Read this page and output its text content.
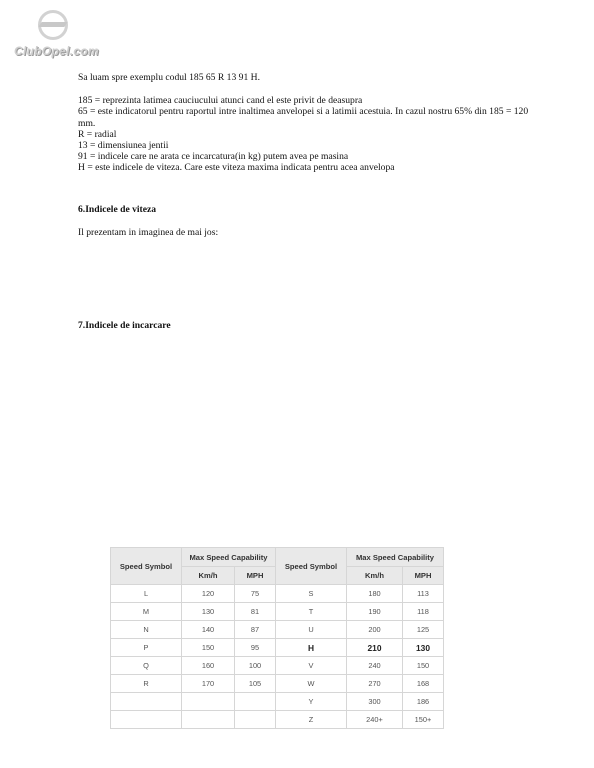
ClubOpel.com

Sa luam spre exemplu codul 185 65 R 13 91 H.

185 = reprezinta latimea cauciucului atunci cand el este privit de deasupra

65 = este indicatorul pentru raportul intre inaltimea anvelopei si a latimii acestuia. In cazul nostru 65% din 185 = 120 mm.

R = radial

13 = dimensiunea jentii

91 = indicele care ne arata ce incarcatura(in kg) putem avea pe masina

H = este indicele de viteza. Care este viteza maxima indicata pentru acea anvelopa

6.Indicele de viteza
Il prezentam in imaginea de mai jos:
7.Indicele de incarcare
Speed Symbol	Max Speed Capability		Speed Symbol	Max Speed Capability	
	Km/h	MPH		Km/h	MPH
L	120	75	S	180	113
M	130	81	T	190	118
N	140	87	U	200	125
P	150	95	H	210	130
Q	160	100	V	240	150
R	170	105	W	270	168
			Y	300	186
			Z	240+	150+
